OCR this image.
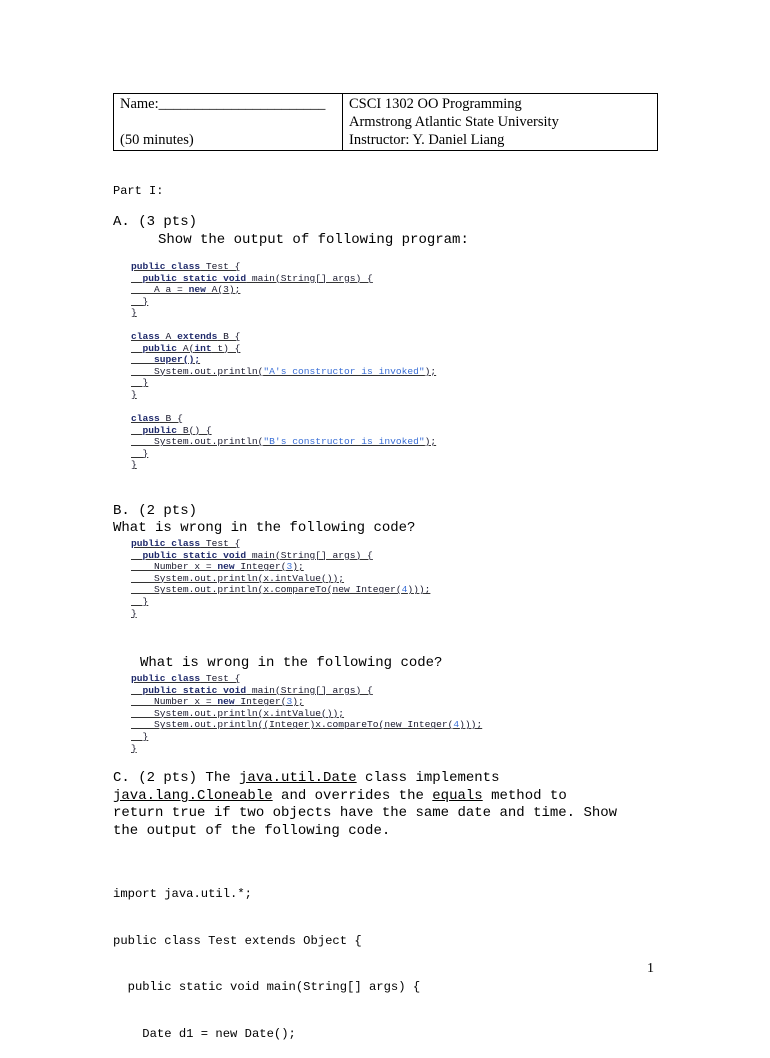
Name:_______________________
(50 minutes)

CSCI 1302 OO Programming
Armstrong Atlantic State University
Instructor: Y. Daniel Liang
Part I:
A. (3 pts)
Show the output of following program:
public class Test {
public static void main(String[] args) {
A a = new A(3);
}
}
class A extends B {
public A(int t) {
super();
System.out.println("A's constructor is invoked");
}
}
class B {
public B() {
System.out.println("B's constructor is invoked");
}
}
B. (2 pts)
What is wrong in the following code?
public class Test {
public static void main(String[] args) {
Number x = new Integer(3);
System.out.println(x.intValue());
System.out.println(x.compareTo(new Integer(4)));
}
}
What is wrong in the following code?
public class Test {
public static void main(String[] args) {
Number x = new Integer(3);
System.out.println(x.intValue());
System.out.println((Integer)x.compareTo(new Integer(4)));
}
}
C. (2 pts) The java.util.Date class implements
java.lang.Cloneable and overrides the equals method to
return true if two objects have the same date and time. Show
the output of the following code.

import java.util.*;

public class Test extends Object {

public static void main(String[] args) {

Date d1 = new Date();

1
